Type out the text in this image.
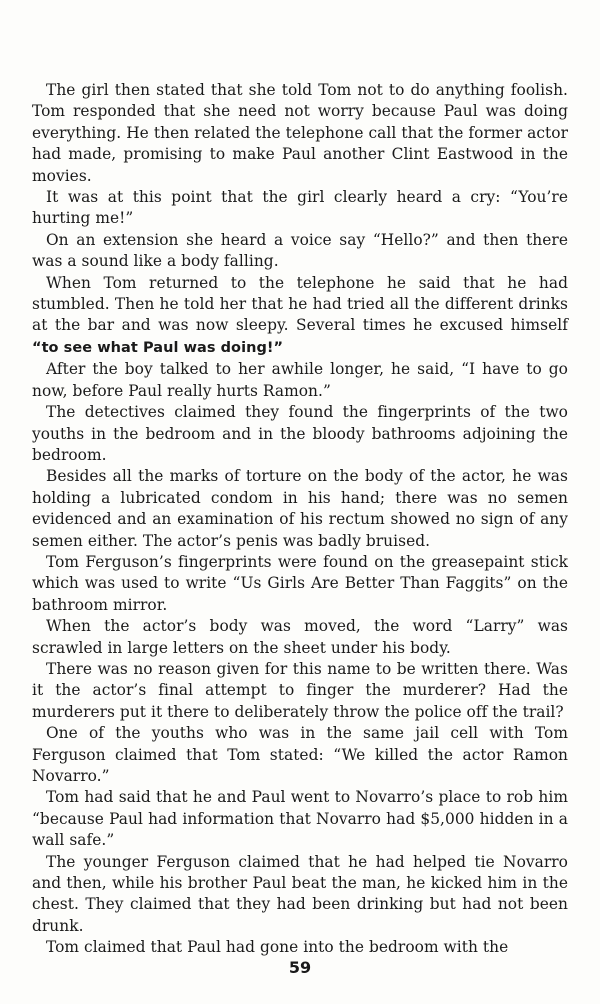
The girl then stated that she told Tom not to do anything foolish. Tom responded that she need not worry because Paul was doing everything. He then related the telephone call that the former actor had made, promising to make Paul another Clint Eastwood in the movies.

It was at this point that the girl clearly heard a cry: “You’re hurting me!”

On an extension she heard a voice say “Hello?” and then there was a sound like a body falling.

When Tom returned to the telephone he said that he had stumbled. Then he told her that he had tried all the different drinks at the bar and was now sleepy. Several times he excused himself “to see what Paul was doing!”

After the boy talked to her awhile longer, he said, “I have to go now, before Paul really hurts Ramon.”

The detectives claimed they found the fingerprints of the two youths in the bedroom and in the bloody bathrooms adjoining the bedroom.

Besides all the marks of torture on the body of the actor, he was holding a lubricated condom in his hand; there was no semen evidenced and an examination of his rectum showed no sign of any semen either. The actor’s penis was badly bruised.

Tom Ferguson’s fingerprints were found on the greasepaint stick which was used to write “Us Girls Are Better Than Faggits” on the bathroom mirror.

When the actor’s body was moved, the word “Larry” was scrawled in large letters on the sheet under his body.

There was no reason given for this name to be written there. Was it the actor’s final attempt to finger the murderer? Had the murderers put it there to deliberately throw the police off the trail?

One of the youths who was in the same jail cell with Tom Ferguson claimed that Tom stated: “We killed the actor Ramon Novarro.”

Tom had said that he and Paul went to Novarro’s place to rob him “because Paul had information that Novarro had $5,000 hidden in a wall safe.”

The younger Ferguson claimed that he had helped tie Novarro and then, while his brother Paul beat the man, he kicked him in the chest. They claimed that they had been drinking but had not been drunk.

Tom claimed that Paul had gone into the bedroom with the

59
